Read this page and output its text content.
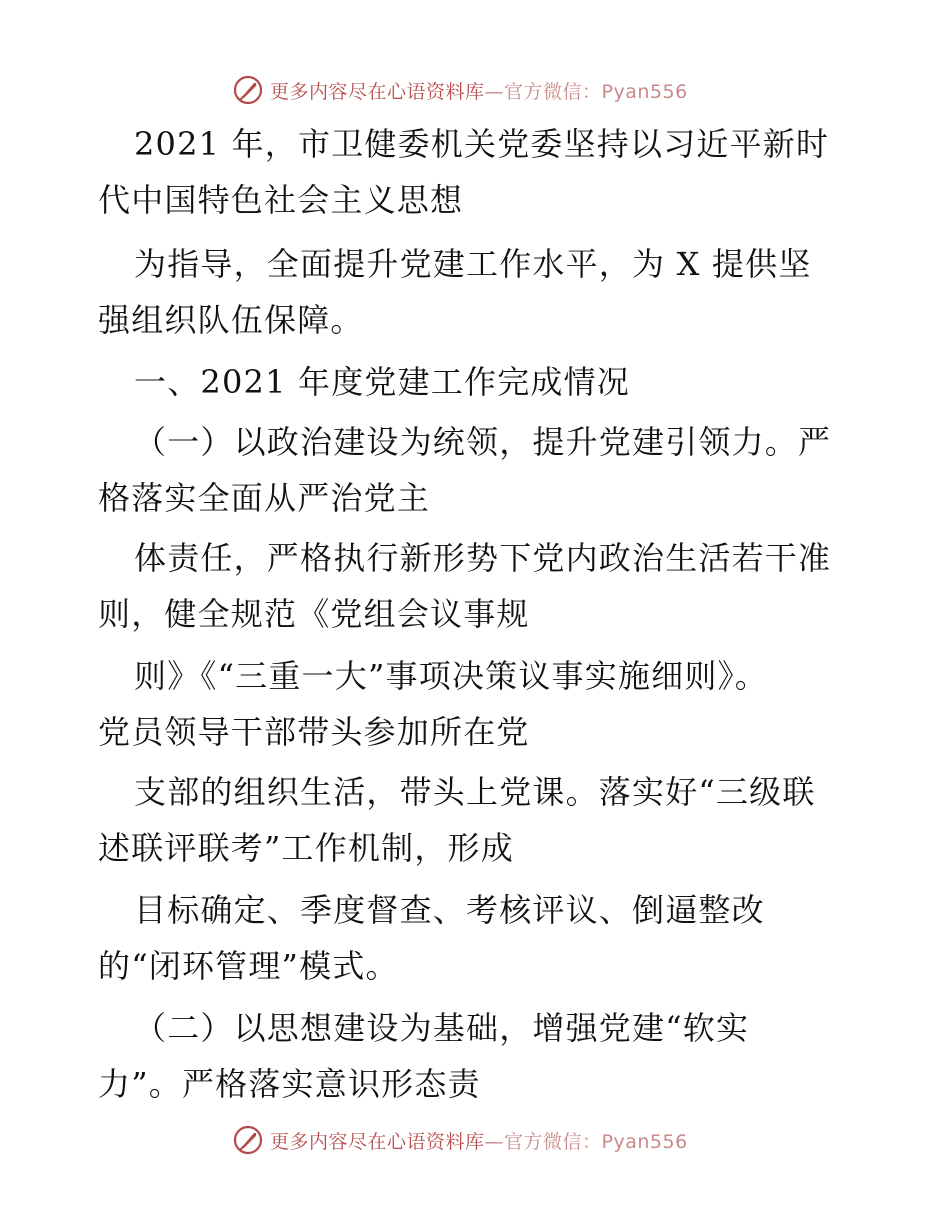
更多内容尽在心语资料库—官方微信：Pyan556
2021 年，市卫健委机关党委坚持以习近平新时
代中国特色社会主义思想
为指导，全面提升党建工作水平，为 X 提供坚
强组织队伍保障。
一、2021 年度党建工作完成情况
（一）以政治建设为统领，提升党建引领力。严
格落实全面从严治党主
体责任，严格执行新形势下党内政治生活若干准
则，健全规范《党组会议事规
则》《“三重一大”事项决策议事实施细则》。
党员领导干部带头参加所在党
支部的组织生活，带头上党课。落实好“三级联
述联评联考”工作机制，形成
目标确定、季度督查、考核评议、倒逼整改
的“闭环管理”模式。
（二）以思想建设为基础，增强党建“软实
力”。严格落实意识形态责
更多内容尽在心语资料库—官方微信：Pyan556
